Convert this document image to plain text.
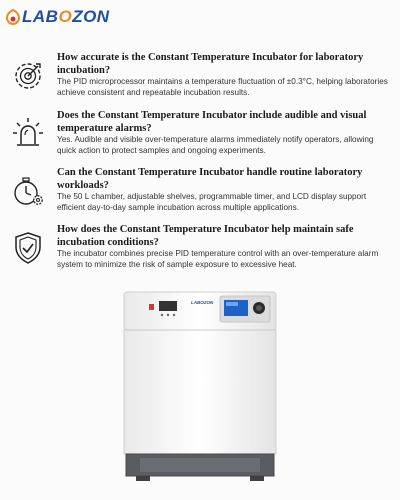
LABOZON

How accurate is the Constant Temperature Incubator for laboratory incubation?

The PID microprocessor maintains a temperature fluctuation of ±0.3°C, helping laboratories achieve consistent and repeatable incubation results.

Does the Constant Temperature Incubator include audible and visual temperature alarms?

Yes. Audible and visible over-temperature alarms immediately notify operators, allowing quick action to protect samples and ongoing experiments.

Can the Constant Temperature Incubator handle routine laboratory workloads?

The 50 L chamber, adjustable shelves, programmable timer, and LCD display support efficient day-to-day sample incubation across multiple applications.

How does the Constant Temperature Incubator help maintain safe incubation conditions?

The incubator combines precise PID temperature control with an over-temperature alarm system to minimize the risk of sample exposure to excessive heat.

LABOZON
